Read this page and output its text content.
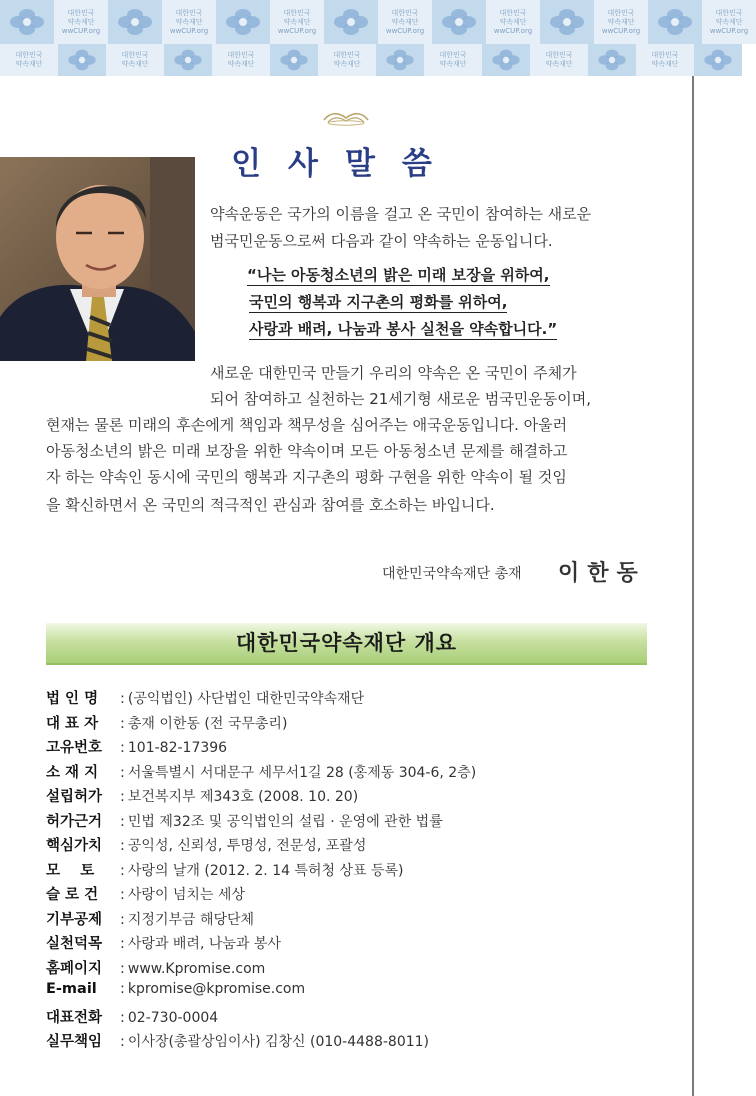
대한민국
약속재단
wwCUP.org
대한민국
약속재단
wwCUP.org
대한민국
약속재단
wwCUP.org
대한민국
약속재단
wwCUP.org
대한민국
약속재단
wwCUP.org
대한민국
약속재단
wwCUP.org
대한민국
약속재단
wwCUP.org
대한민국
약속재단
대한민국
약속재단
대한민국
약속재단
대한민국
약속재단
대한민국
약속재단
대한민국
약속재단
대한민국
약속재단
인사말씀
약속운동은 국가의 이름을 걸고 온 국민이 참여하는 새로운
범국민운동으로써 다음과 같이 약속하는 운동입니다.
“나는 아동청소년의 밝은 미래 보장을 위하여,
국민의 행복과 지구촌의 평화를 위하여,
사랑과 배려, 나눔과 봉사 실천을 약속합니다.”
새로운 대한민국 만들기 우리의 약속은 온 국민이 주체가
되어 참여하고 실천하는 21세기형 새로운 범국민운동이며,
현재는 물론 미래의 후손에게 책임과 책무성을 심어주는 애국운동입니다. 아울러
아동청소년의 밝은 미래 보장을 위한 약속이며 모든 아동청소년 문제를 해결하고
자 하는 약속인 동시에 국민의 행복과 지구촌의 평화 구현을 위한 약속이 될 것임
을 확신하면서 온 국민의 적극적인 관심과 참여를 호소하는 바입니다.
대한민국약속재단 총재 이한동
대한민국약속재단 개요
법 인 명	: (공익법인) 사단법인 대한민국약속재단
대 표 자	: 총재 이한동 (전 국무총리)
고유번호	: 101-82-17396
소 재 지	: 서울특별시 서대문구 세무서1길 28 (홍제동 304-6, 2층)
설립허가	: 보건복지부 제343호 (2008. 10. 20)
허가근거	: 민법 제32조 및 공익법인의 설립 · 운영에 관한 법률
핵심가치	: 공익성, 신뢰성, 투명성, 전문성, 포괄성
모    토	: 사랑의 날개 (2012. 2. 14 특허청 상표 등록)
슬 로 건	: 사랑이 넘치는 세상
기부공제	: 지정기부금 해당단체
실천덕목	: 사랑과 배려, 나눔과 봉사
홈페이지	: www.Kpromise.com
E-mail	: kpromise@kpromise.com
대표전화	: 02-730-0004
실무책임	: 이사장(총괄상임이사) 김창신 (010-4488-8011)
